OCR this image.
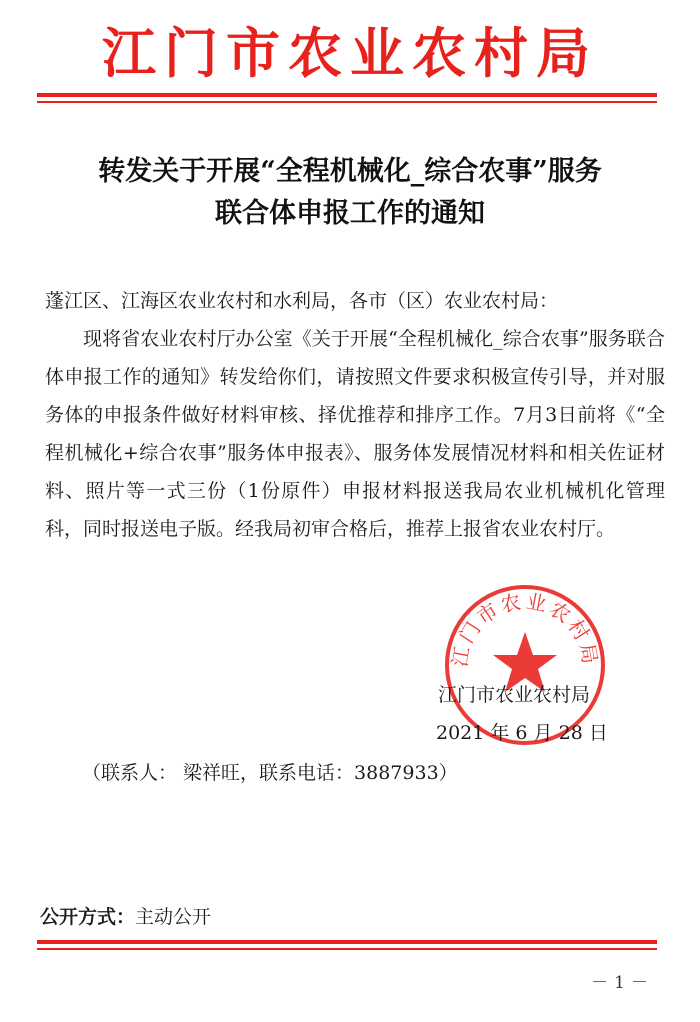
江门市农业农村局
转发关于开展“全程机械化_综合农事”服务
联合体申报工作的通知

蓬江区、江海区农业农村和水利局，各市（区）农业农村局：

现将省农业农村厅办公室《关于开展“全程机械化_综合农事”服务联合体申报工作的通知》转发给你们，请按照文件要求积极宣传引导，并对服务体的申报条件做好材料审核、择优推荐和排序工作。7月3日前将《“全程机械化+综合农事”服务体申报表》、服务体发展情况材料和相关佐证材料、照片等一式三份（1份原件）申报材料报送我局农业机械机化管理科，同时报送电子版。经我局初审合格后，推荐上报省农业农村厅。

江门市农业农村局
江门市农业农村局
2021 年 6 月 28 日
（联系人： 梁祥旺，联系电话：3887933）
公开方式：主动公开
－1－
